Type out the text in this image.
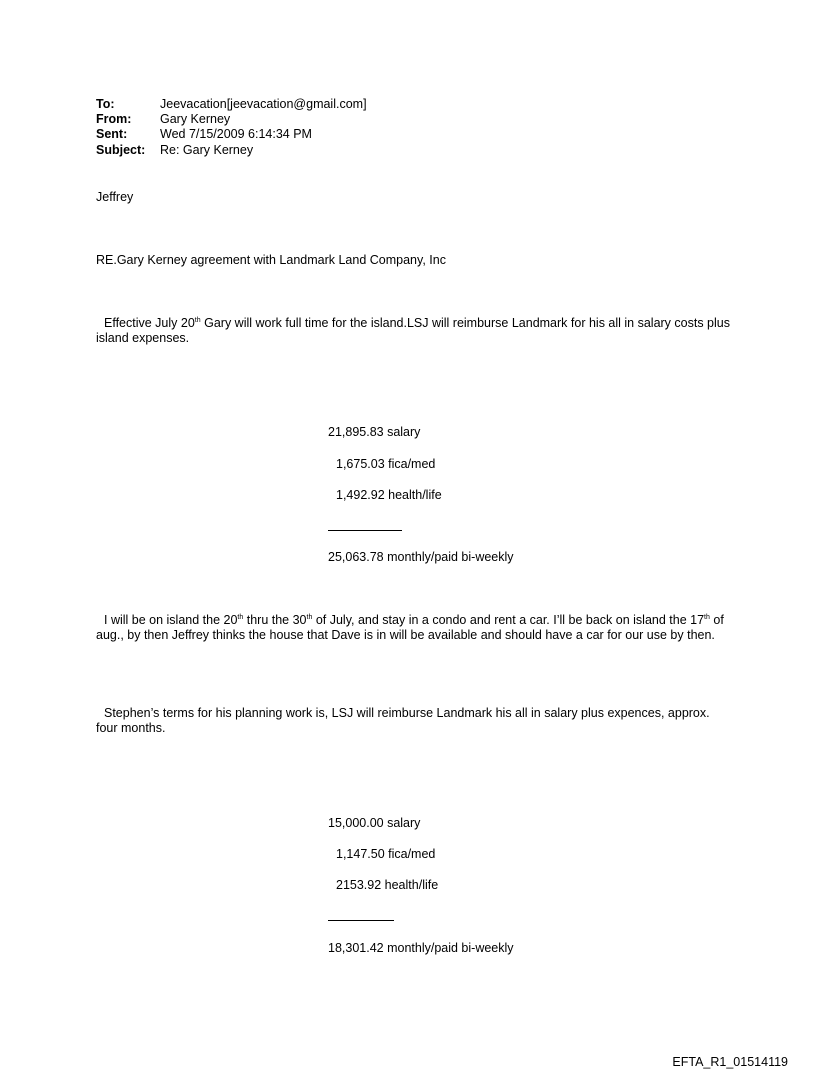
To:	Jeevacation[jeevacation@gmail.com]
From: Gary Kerney
Sent:	Wed 7/15/2009 6:14:34 PM
Subject: Re: Gary Kerney
Jeffrey
RE.Gary Kerney agreement with Landmark Land Company, Inc
Effective July 20th Gary will work full time for the island.LSJ will reimburse Landmark for his all in salary costs plus island expenses.
21,895.83 salary
1,675.03 fica/med
1,492.92 health/life
25,063.78 monthly/paid bi-weekly
I will be on island the 20th thru the 30th of July, and stay in a condo and rent a car. I’ll be back on island the 17th of aug., by then Jeffrey thinks the house that Dave is in will be available and should have a car for our use by then.
Stephen’s terms for his planning work is, LSJ will reimburse Landmark his all in salary plus expences, approx. four months.
15,000.00 salary
1,147.50 fica/med
2153.92 health/life
18,301.42 monthly/paid bi-weekly
EFTA_R1_01514119
